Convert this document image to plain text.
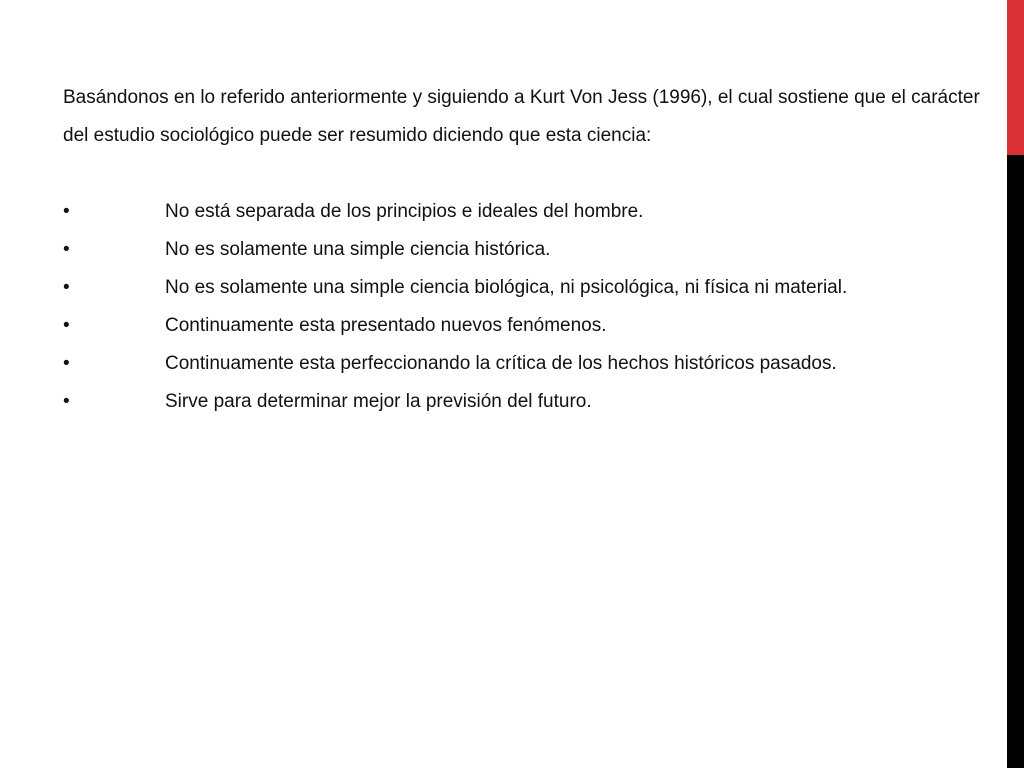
Basándonos en lo referido anteriormente y siguiendo a Kurt Von Jess (1996), el cual sostiene que el carácter del estudio sociológico puede ser resumido diciendo que esta ciencia:

•	No está separada de los principios e ideales del hombre.
•	No es solamente una simple ciencia histórica.
•	No es solamente una simple ciencia biológica, ni psicológica, ni física ni material.
•	Continuamente esta presentado nuevos fenómenos.
•	Continuamente esta perfeccionando la crítica de los hechos históricos pasados.
•	Sirve para determinar mejor la previsión del futuro.
